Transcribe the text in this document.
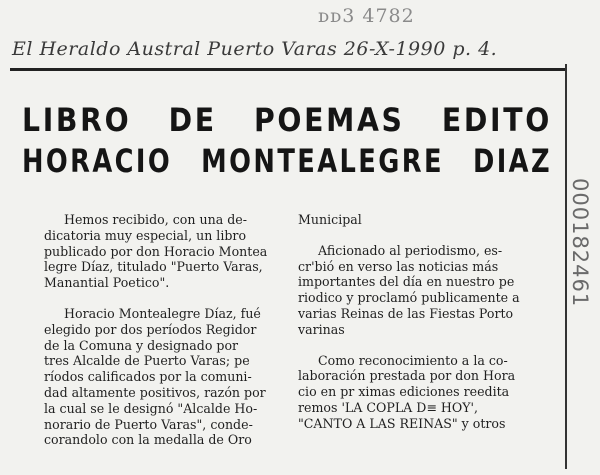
ᴅᴅ3 4782
El Heraldo Austral Puerto Varas 26-X-1990 p. 4.
000182461
LIBRO DE POEMAS EDITO
HORACIO MONTEALEGRE DIAZ

Hemos recibido, con una de-
dicatoria muy especial, un libro
publicado por don Horacio Montea
legre Díaz, titulado "Puerto Varas,
Manantial Poetico".

Horacio Montealegre Díaz, fué
elegido por dos períodos Regidor
de la Comuna y designado por
tres Alcalde de Puerto Varas; pe
ríodos calificados por la comuni-
dad altamente positivos, razón por
la cual se le designó "Alcalde Ho-
norario de Puerto Varas", conde-
corandolo con la medalla de Oro

Municipal

Aficionado al periodismo, es-
cr'bió en verso las noticias más
importantes del día en nuestro pe
riodico y proclamó publicamente a
varias Reinas de las Fiestas Porto
varinas

Como reconocimiento a la co-
laboración prestada por don Hora
cio en pr ximas ediciones reedita
remos 'LA COPLA D≡ HOY',
"CANTO A LAS REINAS" y otros
